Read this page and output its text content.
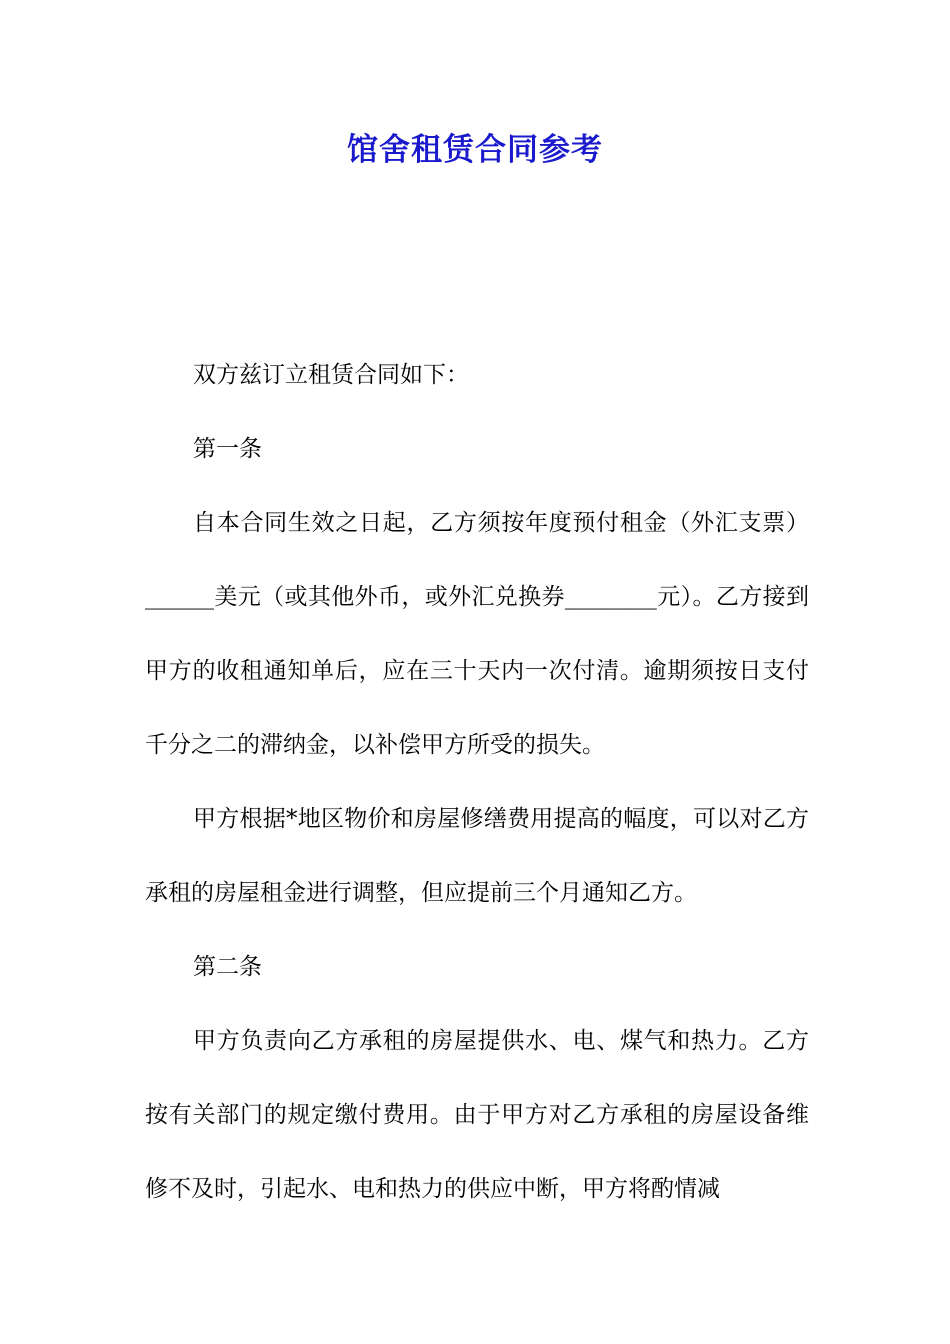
馆舍租赁合同参考

双方兹订立租赁合同如下：

第一条

自本合同生效之日起，乙方须按年度预付租金（外汇支票）______美元（或其他外币，或外汇兑换券________元）。乙方接到甲方的收租通知单后，应在三十天内一次付清。逾期须按日支付千分之二的滞纳金，以补偿甲方所受的损失。

甲方根据*地区物价和房屋修缮费用提高的幅度，可以对乙方承租的房屋租金进行调整，但应提前三个月通知乙方。

第二条

甲方负责向乙方承租的房屋提供水、电、煤气和热力。乙方按有关部门的规定缴付费用。由于甲方对乙方承租的房屋设备维修不及时，引起水、电和热力的供应中断，甲方将酌情减
